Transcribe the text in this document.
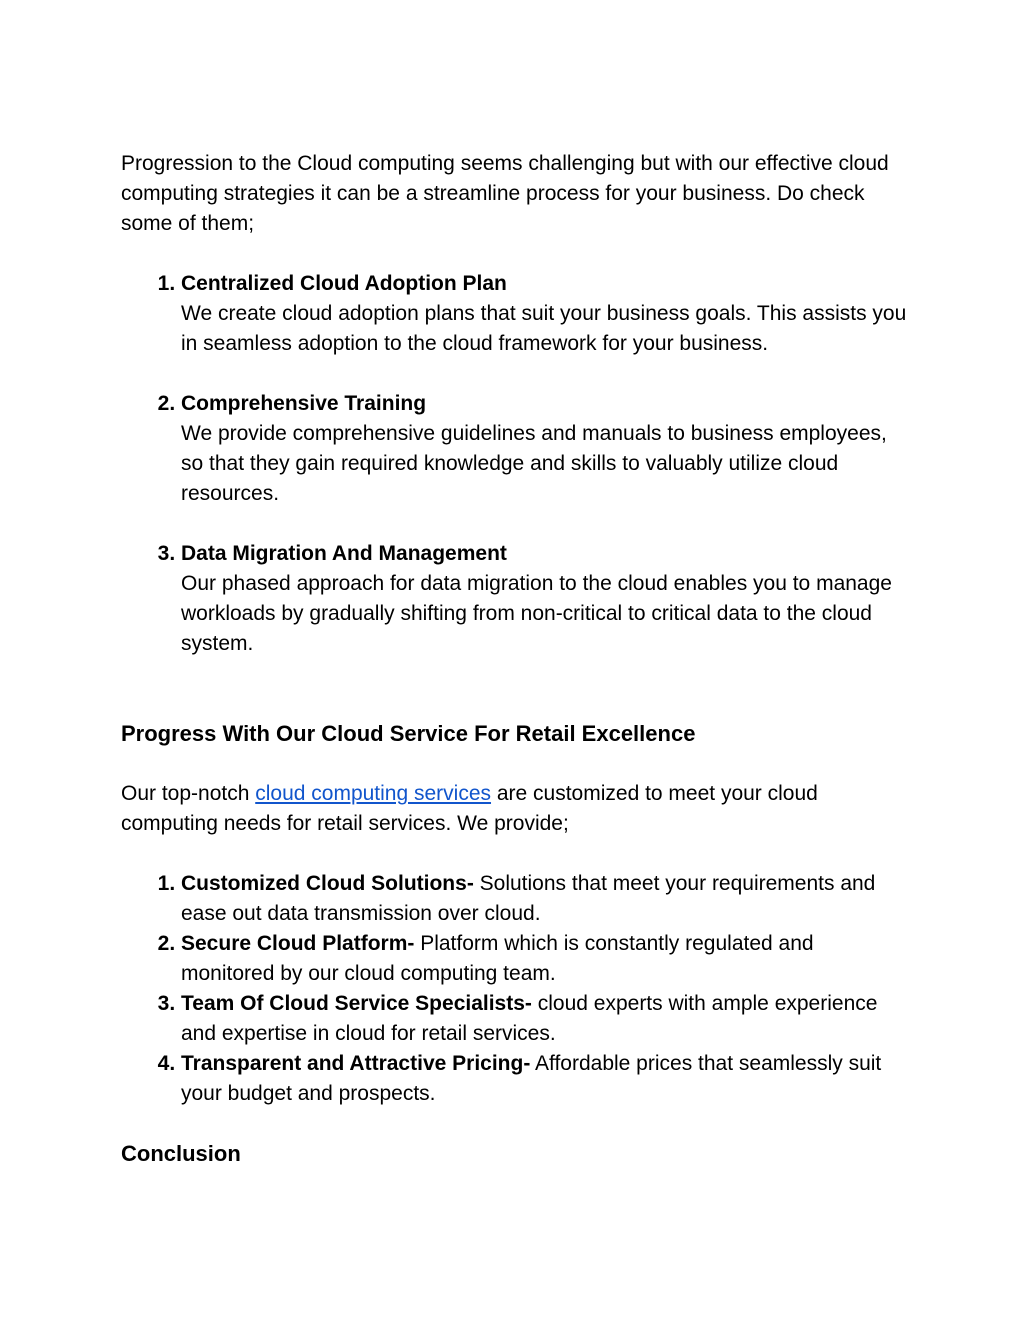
Progression to the Cloud computing seems challenging but with our effective cloud computing strategies it can be a streamline process for your business. Do check some of them;

1. Centralized Cloud Adoption Plan
We create cloud adoption plans that suit your business goals. This assists you in seamless adoption to the cloud framework for your business.
2. Comprehensive Training
We provide comprehensive guidelines and manuals to business employees, so that they gain required knowledge and skills to valuably utilize cloud resources.
3. Data Migration And Management
Our phased approach for data migration to the cloud enables you to manage workloads by gradually shifting from non-critical to critical data to the cloud system.

Progress With Our Cloud Service For Retail Excellence

Our top-notch cloud computing services are customized to meet your cloud computing needs for retail services. We provide;

1. Customized Cloud Solutions- Solutions that meet your requirements and ease out data transmission over cloud.
2. Secure Cloud Platform- Platform which is constantly regulated and monitored by our cloud computing team.
3. Team Of Cloud Service Specialists- cloud experts with ample experience and expertise in cloud for retail services.
4. Transparent and Attractive Pricing- Affordable prices that seamlessly suit your budget and prospects.

Conclusion
